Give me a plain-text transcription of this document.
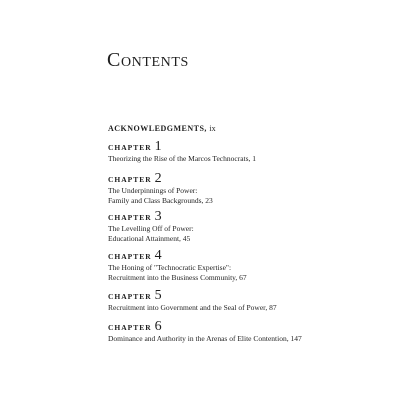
Contents
ACKNOWLEDGMENTS, ix
CHAPTER 1
Theorizing the Rise of the Marcos Technocrats, 1
CHAPTER 2
The Underpinnings of Power:
Family and Class Backgrounds, 23
CHAPTER 3
The Levelling Off of Power:
Educational Attainment, 45
CHAPTER 4
The Honing of "Technocratic Expertise":
Recruitment into the Business Community, 67
CHAPTER 5
Recruitment into Government and the Seal of Power, 87
CHAPTER 6
Dominance and Authority in the Arenas of Elite Contention, 147
